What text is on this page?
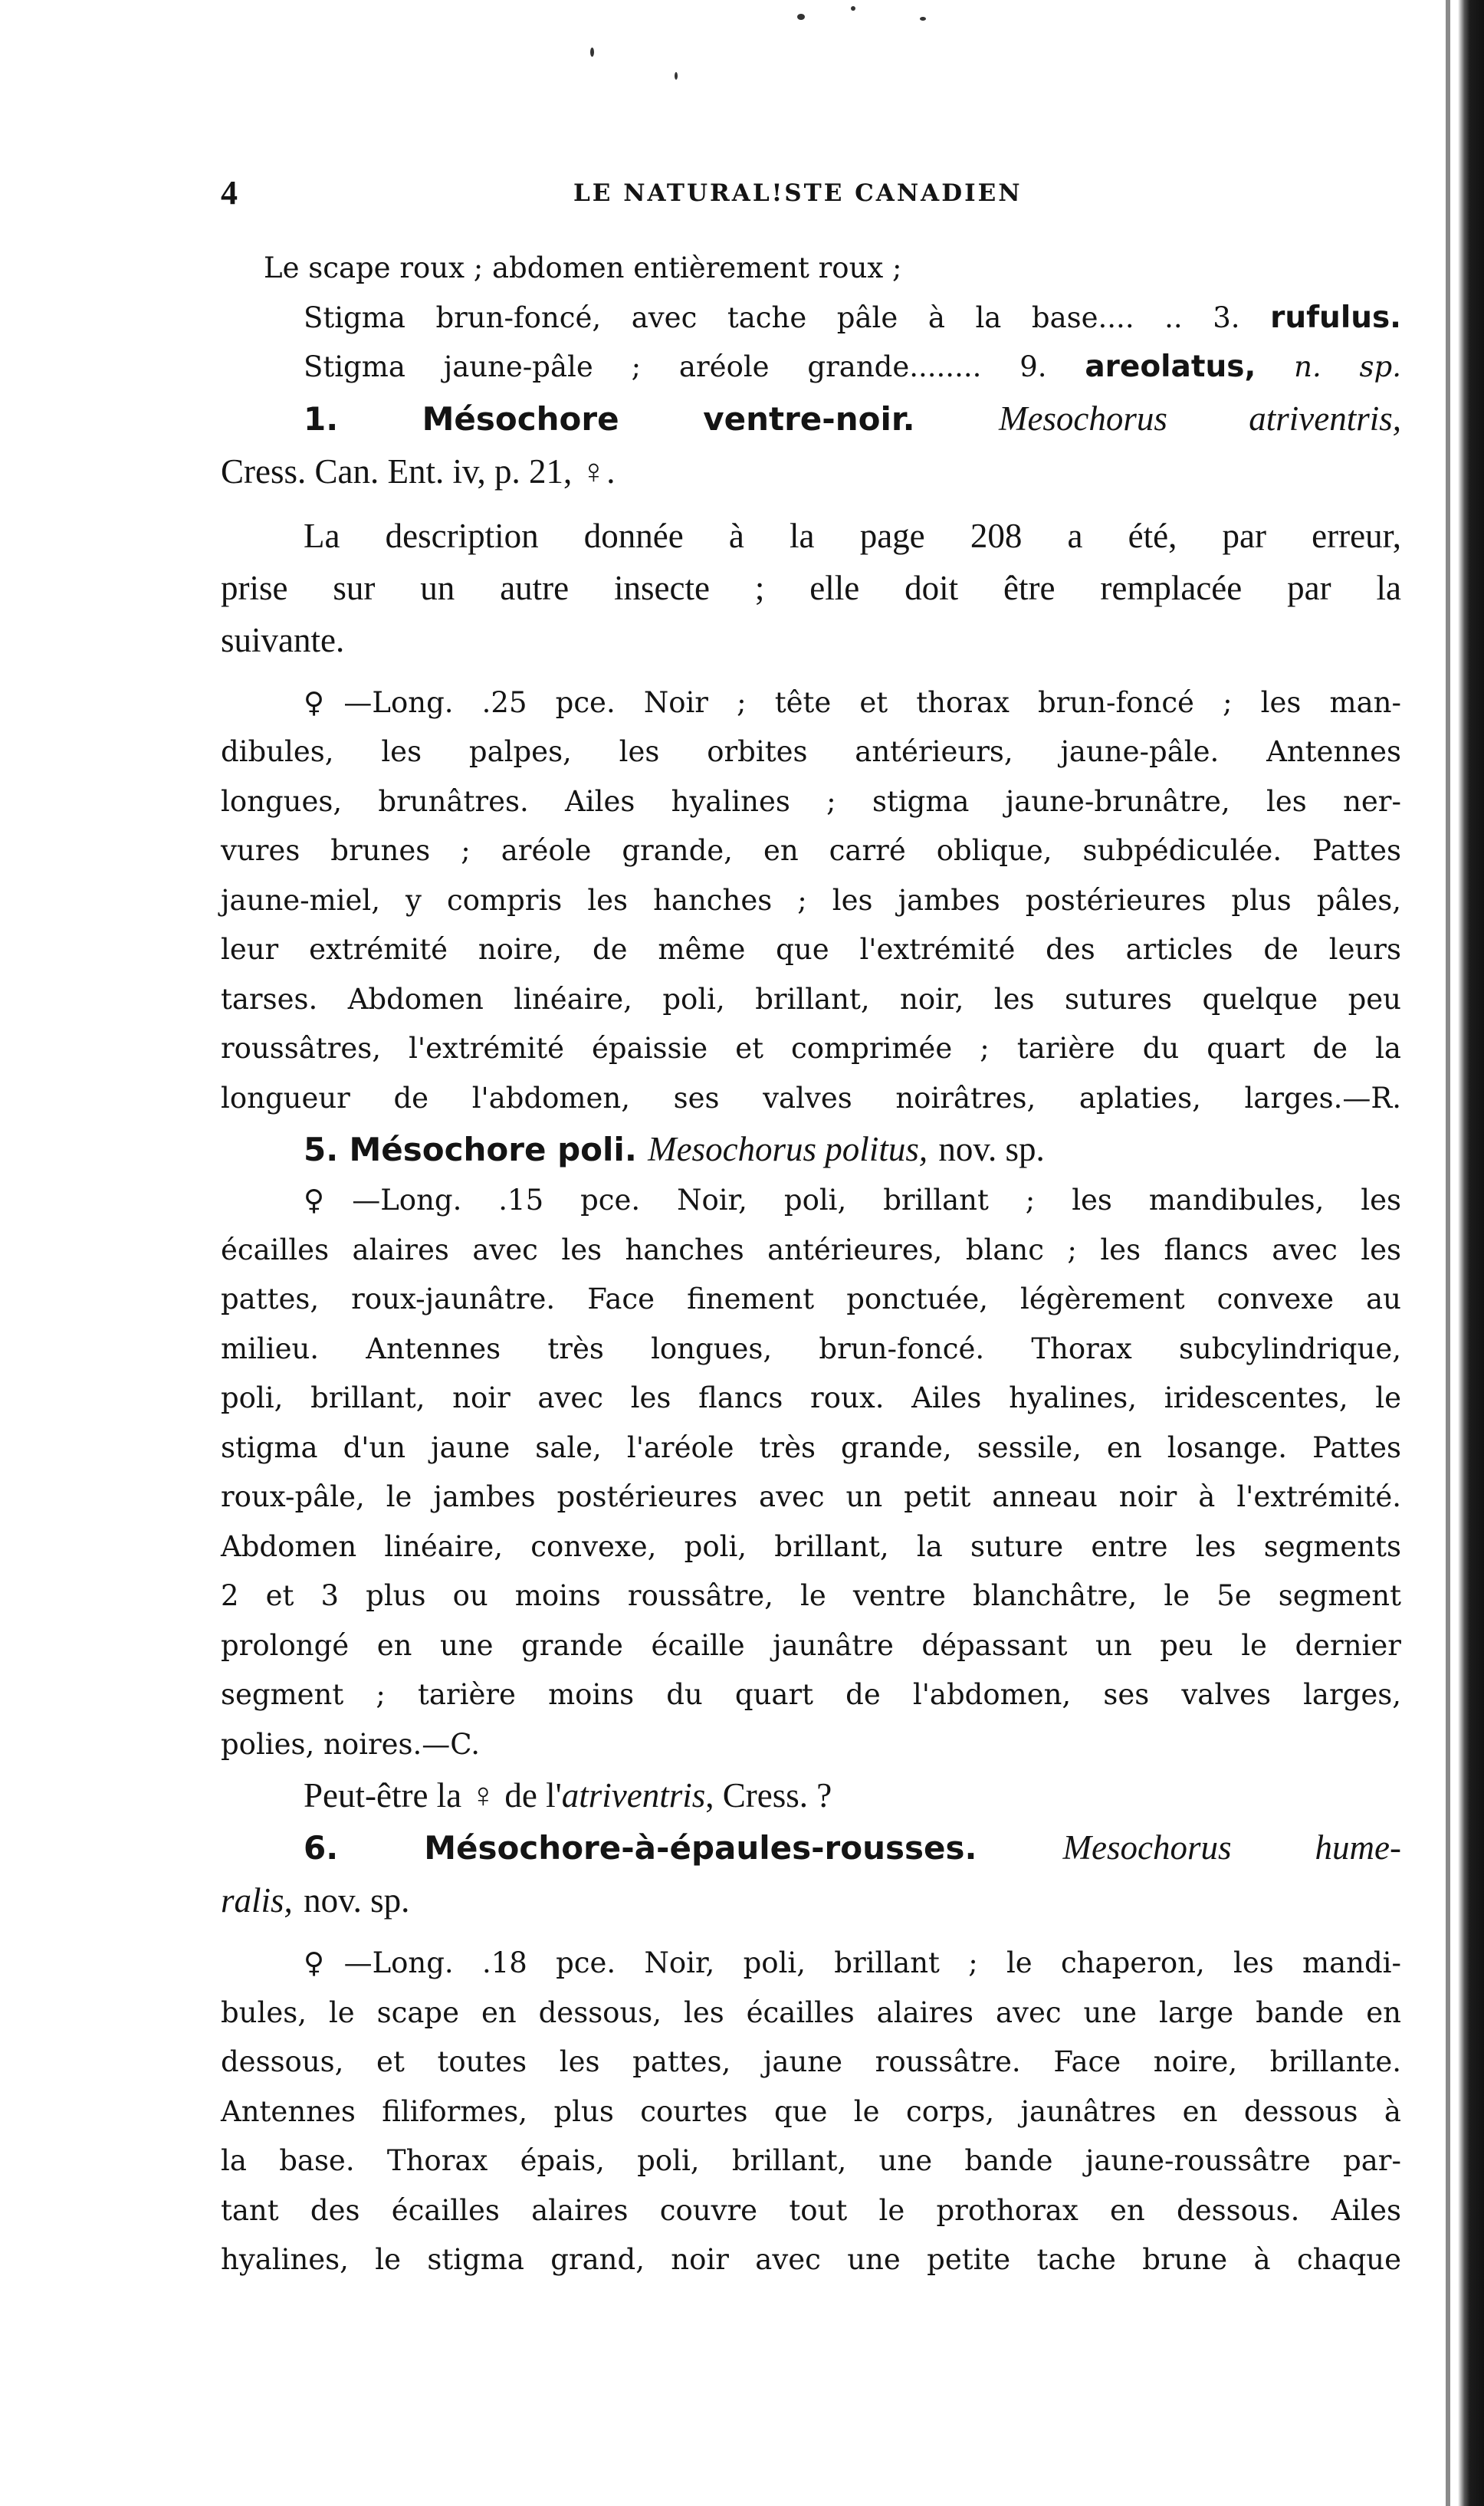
4	LE NATURAL!STE CANADIEN
Le scape roux ; abdomen entièrement roux ;
Stigma brun-foncé, avec tache pâle à la base.... .. 3. rufulus.
Stigma jaune-pâle ; aréole grande........ 9. areolatus, n. sp.
1.	Mésochore ventre-noir. Mesochorus atriventris,
Cress. Can. Ent. iv, p. 21, ♀.
La description donnée à la page 208 a été, par erreur,
prise sur un autre insecte ; elle doit être remplacée par la
suivante.
♀—Long. .25 pce. Noir ; tête et thorax brun-foncé ; les man-
dibules, les palpes, les orbites antérieurs, jaune-pâle. Antennes
longues, brunâtres. Ailes hyalines ; stigma jaune-brunâtre, les ner-
vures brunes ; aréole grande, en carré oblique, subpédiculée. Pattes
jaune-miel, y compris les hanches ; les jambes postérieures plus pâles,
leur extrémité noire, de même que l'extrémité des articles de leurs
tarses. Abdomen linéaire, poli, brillant, noir, les sutures quelque peu
roussâtres, l'extrémité épaissie et comprimée ; tarière du quart de la
longueur de l'abdomen, ses valves noirâtres, aplaties, larges.—R.
5. Mésochore poli. Mesochorus politus, nov. sp.
♀—Long. .15 pce. Noir, poli, brillant ; les mandibules, les
écailles alaires avec les hanches antérieures, blanc ; les flancs avec les
pattes, roux-jaunâtre. Face finement ponctuée, légèrement convexe au
milieu. Antennes très longues, brun-foncé. Thorax subcylindrique,
poli, brillant, noir avec les flancs roux. Ailes hyalines, iridescentes, le
stigma d'un jaune sale, l'aréole très grande, sessile, en losange. Pattes
roux-pâle, le jambes postérieures avec un petit anneau noir à l'extrémité.
Abdomen linéaire, convexe, poli, brillant, la suture entre les segments
2 et 3 plus ou moins roussâtre, le ventre blanchâtre, le 5e segment
prolongé en une grande écaille jaunâtre dépassant un peu le dernier
segment ; tarière moins du quart de l'abdomen, ses valves larges,
polies, noires.—C.
Peut-être la ♀ de l'atriventris, Cress. ?
6.	Mésochore-à-épaules-rousses. Mesochorus hume-
ralis, nov. sp.
♀—Long. .18 pce. Noir, poli, brillant ; le chaperon, les mandi-
bules, le scape en dessous, les écailles alaires avec une large bande en
dessous, et toutes les pattes, jaune roussâtre. Face noire, brillante.
Antennes filiformes, plus courtes que le corps, jaunâtres en dessous à
la base. Thorax épais, poli, brillant, une bande jaune-roussâtre par-
tant des écailles alaires couvre tout le prothorax en dessous. Ailes
hyalines, le stigma grand, noir avec une petite tache brune à chaque
